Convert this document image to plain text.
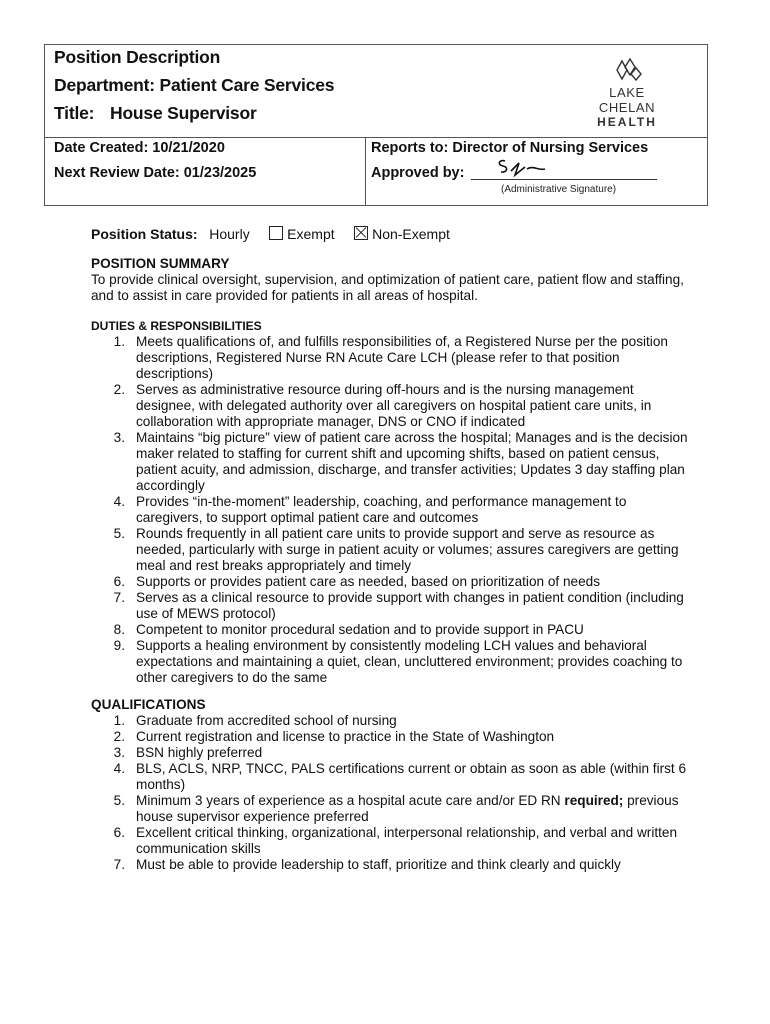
Position Description
Department: Patient Care Services
Title: House Supervisor
LAKE CHELAN
HEALTH
Date Created: 10/21/2020
Next Review Date: 01/23/2025
Reports to: Director of Nursing Services
Approved by:
(Administrative Signature)
Position Status: Hourly	Exempt	Non-Exempt
POSITION SUMMARY
To provide clinical oversight, supervision, and optimization of patient care, patient flow and staffing, and to assist in care provided for patients in all areas of hospital.
DUTIES & RESPONSIBILITIES
1. Meets qualifications of, and fulfills responsibilities of, a Registered Nurse per the position descriptions, Registered Nurse RN Acute Care LCH (please refer to that position descriptions)
2. Serves as administrative resource during off-hours and is the nursing management designee, with delegated authority over all caregivers on hospital patient care units, in collaboration with appropriate manager, DNS or CNO if indicated
3. Maintains “big picture” view of patient care across the hospital; Manages and is the decision maker related to staffing for current shift and upcoming shifts, based on patient census, patient acuity, and admission, discharge, and transfer activities; Updates 3 day staffing plan accordingly
4. Provides “in-the-moment” leadership, coaching, and performance management to caregivers, to support optimal patient care and outcomes
5. Rounds frequently in all patient care units to provide support and serve as resource as needed, particularly with surge in patient acuity or volumes; assures caregivers are getting meal and rest breaks appropriately and timely
6. Supports or provides patient care as needed, based on prioritization of needs
7. Serves as a clinical resource to provide support with changes in patient condition (including use of MEWS protocol)
8. Competent to monitor procedural sedation and to provide support in PACU
9. Supports a healing environment by consistently modeling LCH values and behavioral expectations and maintaining a quiet, clean, uncluttered environment; provides coaching to other caregivers to do the same
QUALIFICATIONS
1. Graduate from accredited school of nursing
2. Current registration and license to practice in the State of Washington
3. BSN highly preferred
4. BLS, ACLS, NRP, TNCC, PALS certifications current or obtain as soon as able (within first 6 months)
5. Minimum 3 years of experience as a hospital acute care and/or ED RN required; previous house supervisor experience preferred
6. Excellent critical thinking, organizational, interpersonal relationship, and verbal and written communication skills
7. Must be able to provide leadership to staff, prioritize and think clearly and quickly
